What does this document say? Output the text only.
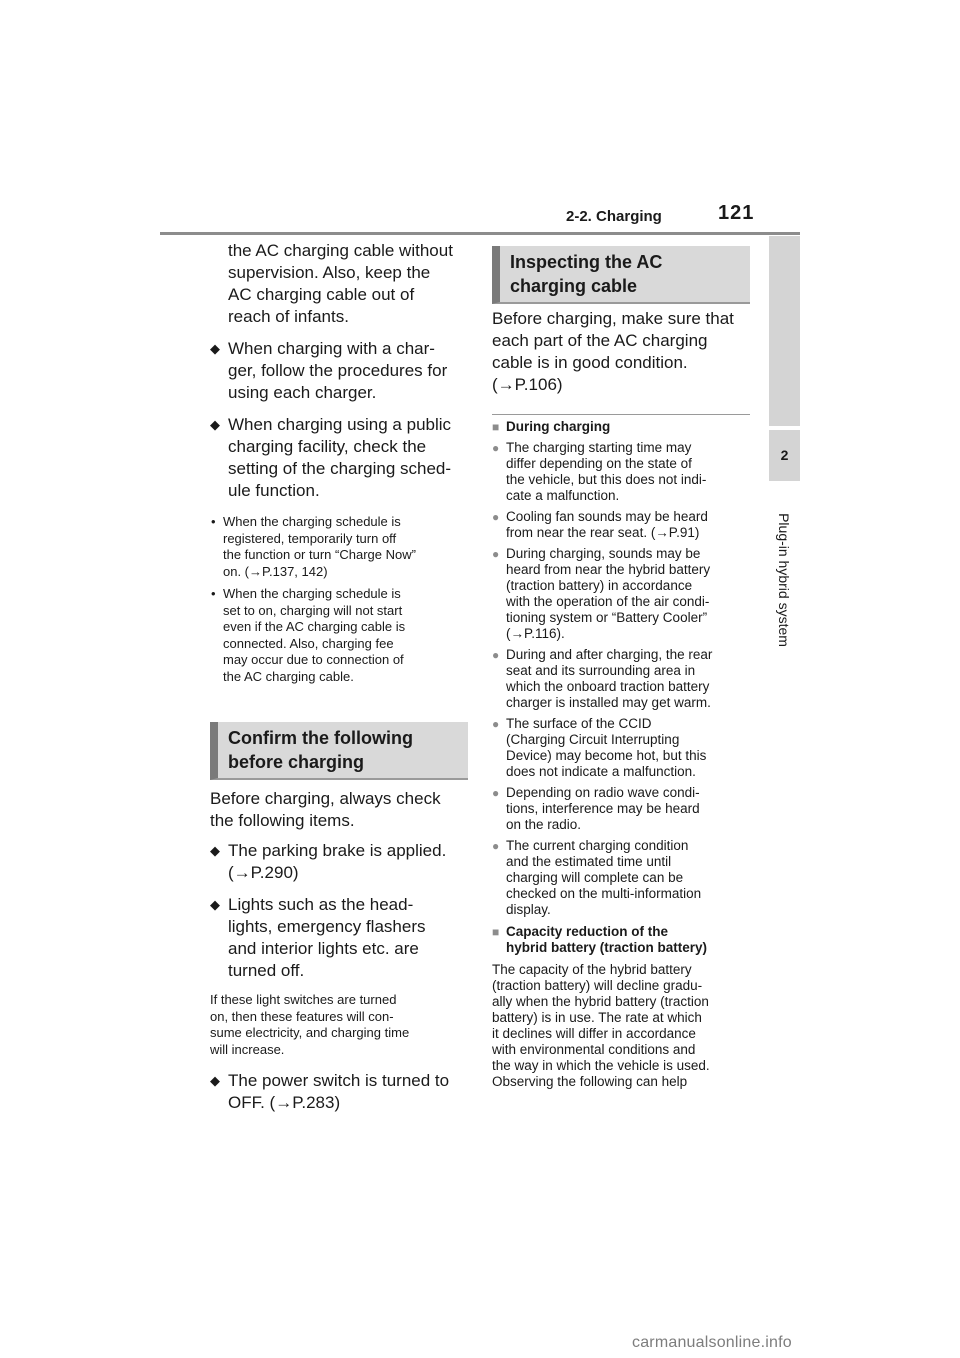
2-2. Charging	121
2
Plug-in hybrid system

the AC charging cable without

supervision. Also, keep the

AC charging cable out of

reach of infants.

◆ When charging with a char-
ger, follow the procedures for
using each charger.
◆ When charging using a public
charging facility, check the
setting of the charging sched-
ule function.
• When the charging schedule is
registered, temporarily turn off
the function or turn “Charge Now”
on. (→P.137, 142)
• When the charging schedule is
set to on, charging will not start
even if the AC charging cable is
connected. Also, charging fee
may occur due to connection of
the AC charging cable.
Confirm the following
before charging

Before charging, always check

the following items.

◆ The parking brake is applied.
(→P.290)
◆ Lights such as the head-
lights, emergency flashers
and interior lights etc. are
turned off.

If these light switches are turned

on, then these features will con-

sume electricity, and charging time

will increase.

◆ The power switch is turned to
OFF. (→P.283)
Inspecting the AC
charging cable

Before charging, make sure that

each part of the AC charging

cable is in good condition.

(→P.106)

■ During charging

● The charging starting time may
differ depending on the state of
the vehicle, but this does not indi-
cate a malfunction.
● Cooling fan sounds may be heard
from near the rear seat. (→P.91)
● During charging, sounds may be
heard from near the hybrid battery
(traction battery) in accordance
with the operation of the air condi-
tioning system or “Battery Cooler”
(→P.116).
● During and after charging, the rear
seat and its surrounding area in
which the onboard traction battery
charger is installed may get warm.
● The surface of the CCID
(Charging Circuit Interrupting
Device) may become hot, but this
does not indicate a malfunction.
● Depending on radio wave condi-
tions, interference may be heard
on the radio.
● The current charging condition
and the estimated time until
charging will complete can be
checked on the multi-information
display.
■ Capacity reduction of the
hybrid battery (traction battery)
The capacity of the hybrid battery
(traction battery) will decline gradu-
ally when the hybrid battery (traction
battery) is in use. The rate at which
it declines will differ in accordance
with environmental conditions and
the way in which the vehicle is used.
Observing the following can help
carmanualsonline.info
